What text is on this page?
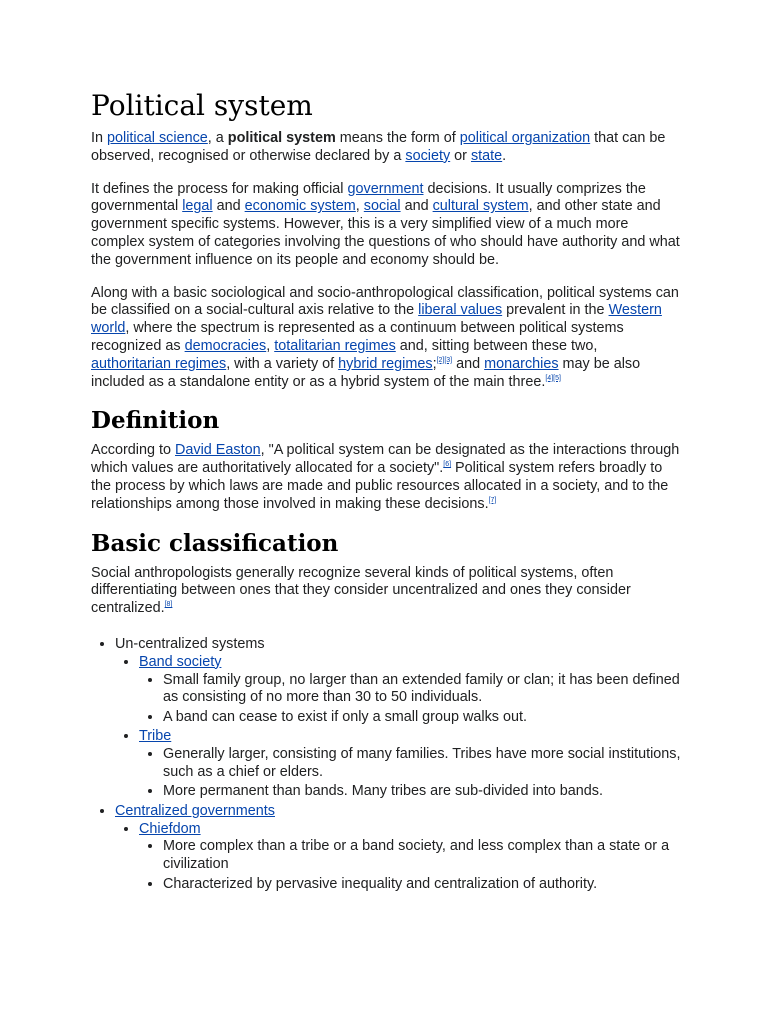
Political system

In political science, a political system means the form of political organization that can be observed, recognised or otherwise declared by a society or state.

It defines the process for making official government decisions. It usually comprizes the governmental legal and economic system, social and cultural system, and other state and government specific systems. However, this is a very simplified view of a much more complex system of categories involving the questions of who should have authority and what the government influence on its people and economy should be.

Along with a basic sociological and socio-anthropological classification, political systems can be classified on a social-cultural axis relative to the liberal values prevalent in the Western world, where the spectrum is represented as a continuum between political systems recognized as democracies, totalitarian regimes and, sitting between these two, authoritarian regimes, with a variety of hybrid regimes;[2][3] and monarchies may be also included as a standalone entity or as a hybrid system of the main three.[4][5]

Definition

According to David Easton, "A political system can be designated as the interactions through which values are authoritatively allocated for a society".[6] Political system refers broadly to the process by which laws are made and public resources allocated in a society, and to the relationships among those involved in making these decisions.[7]

Basic classification

Social anthropologists generally recognize several kinds of political systems, often differentiating between ones that they consider uncentralized and ones they consider centralized.[8]

• Un-centralized systems
• Band society
• Small family group, no larger than an extended family or clan; it has been defined as consisting of no more than 30 to 50 individuals.
• A band can cease to exist if only a small group walks out.
• Tribe
• Generally larger, consisting of many families. Tribes have more social institutions, such as a chief or elders.
• More permanent than bands. Many tribes are sub-divided into bands.
• Centralized governments
• Chiefdom
• More complex than a tribe or a band society, and less complex than a state or a civilization
• Characterized by pervasive inequality and centralization of authority.
